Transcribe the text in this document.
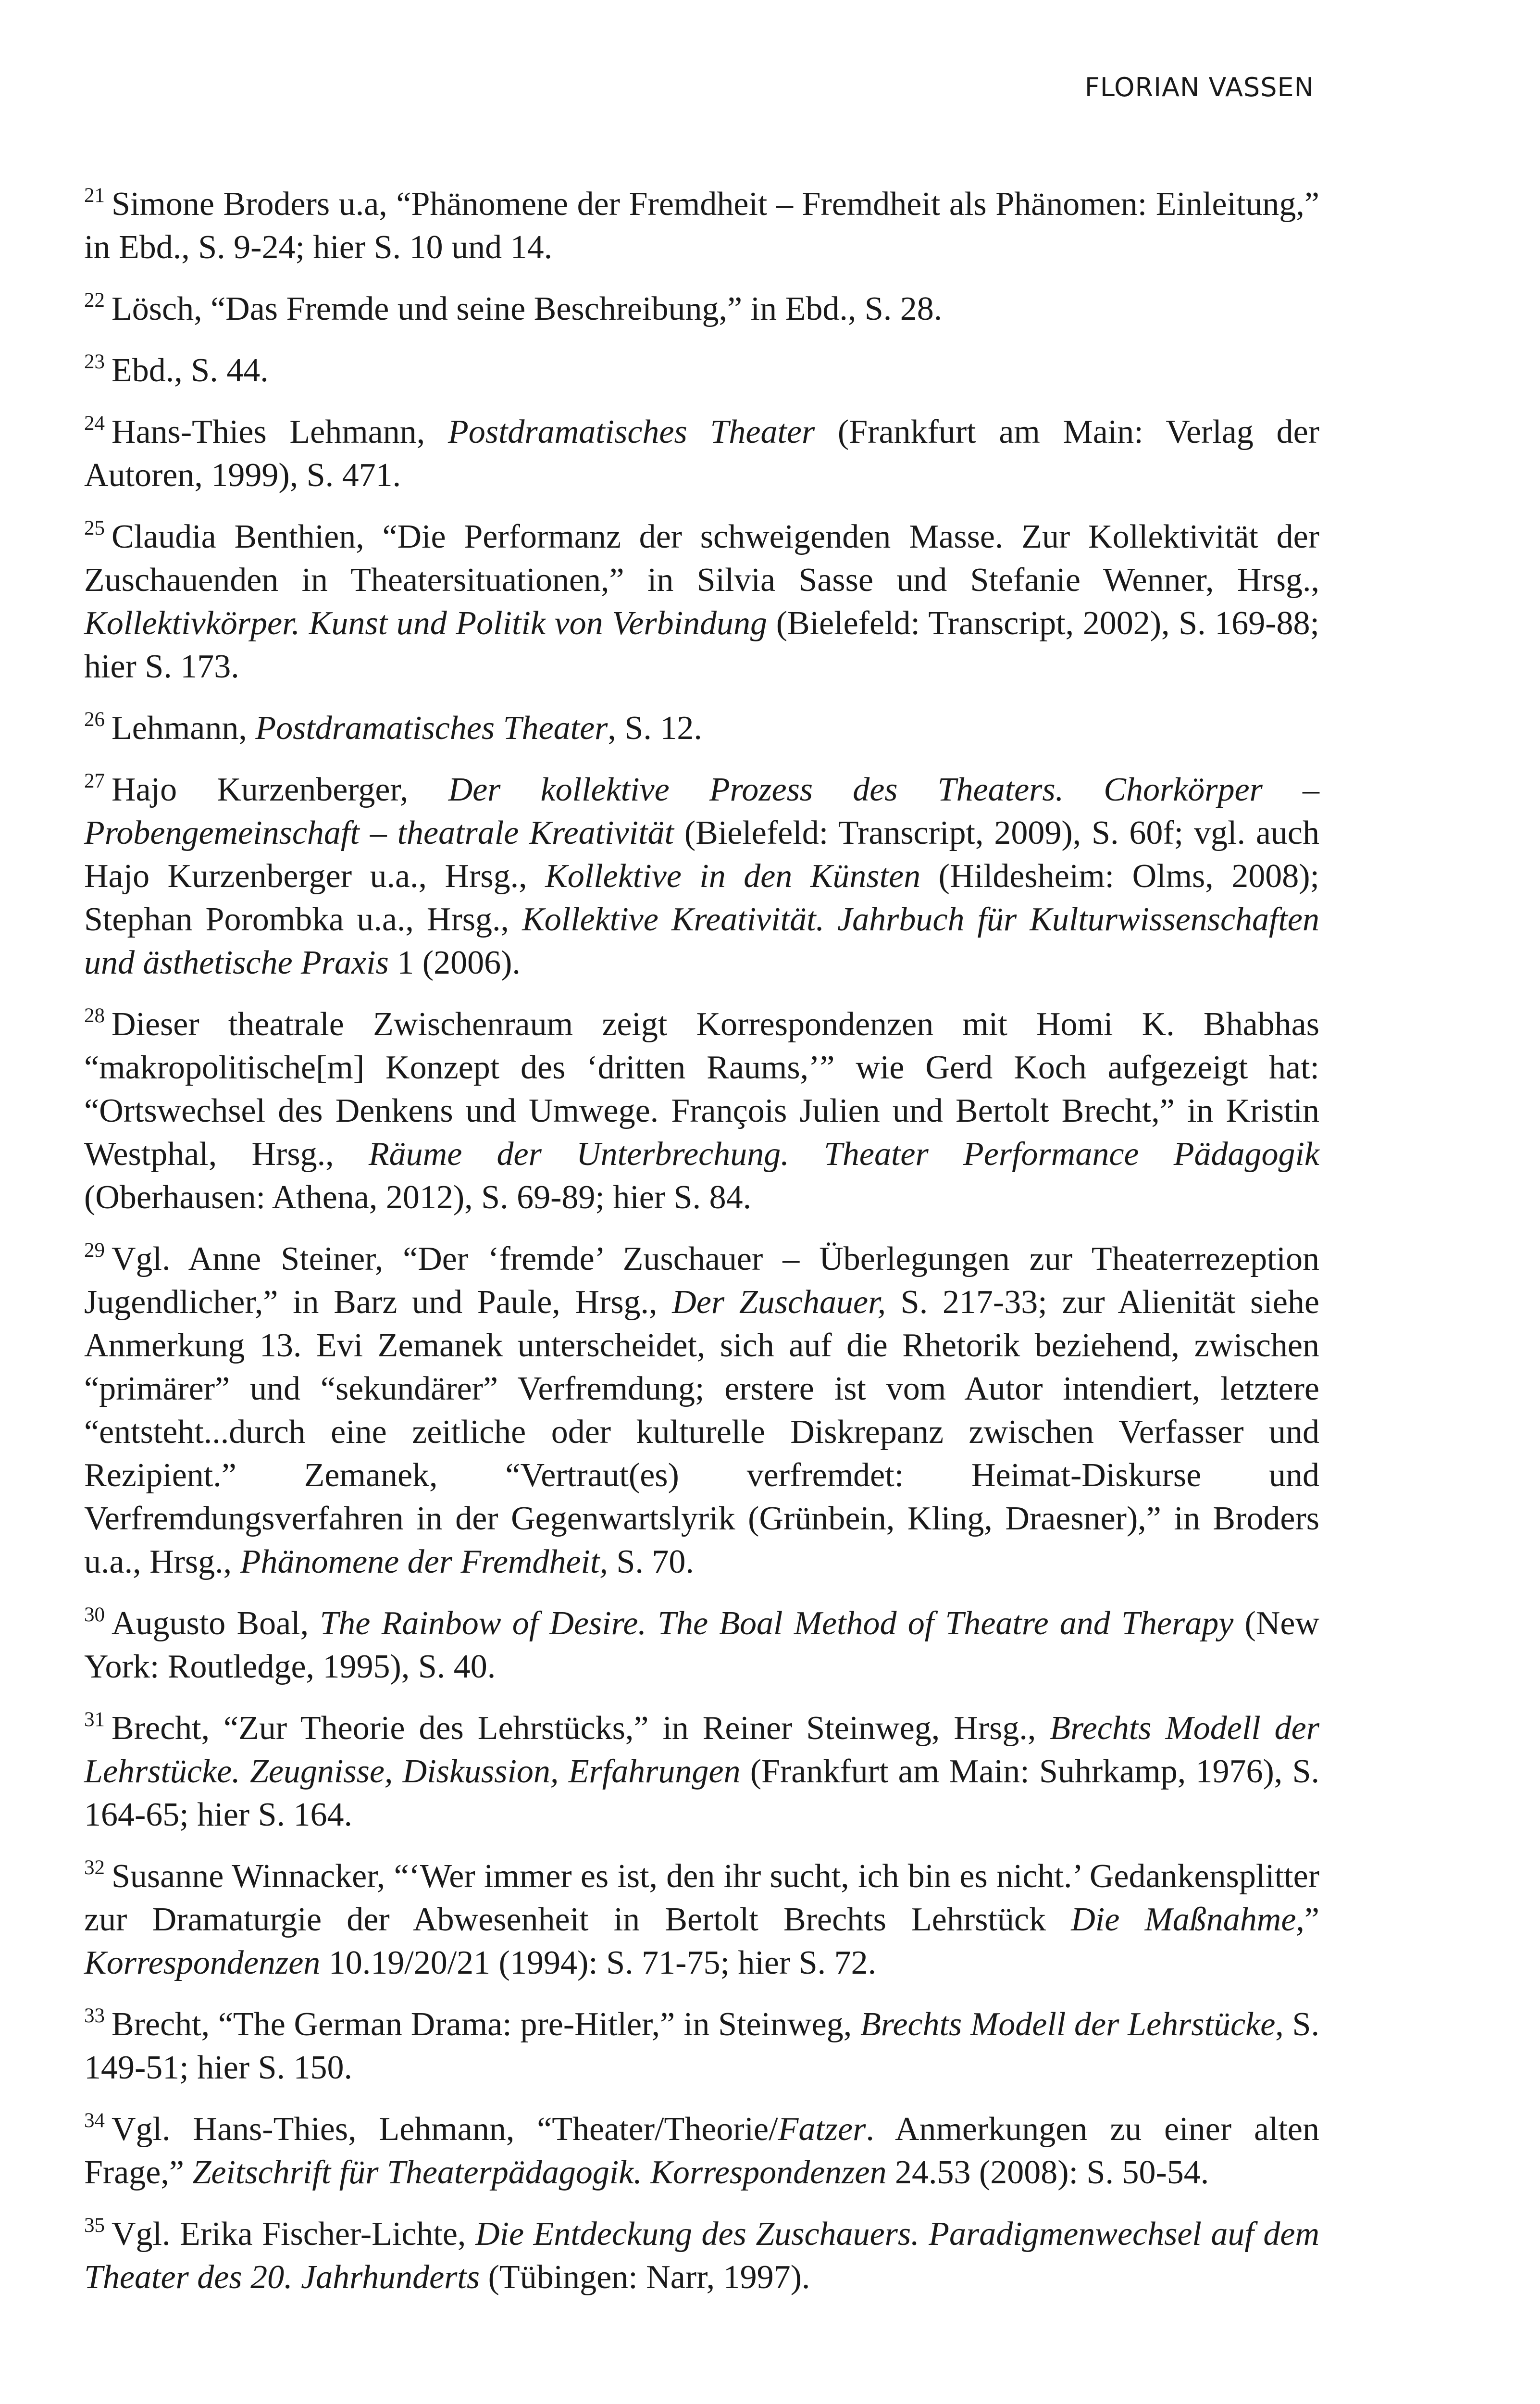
FLORIAN VASSEN

$^{21}$ Simone Broders u.a, “Phänomene der Fremdheit – Fremdheit als Phänomen: Einleitung,” in Ebd., S. 9-24; hier S. 10 und 14.

$^{22}$ Lösch, “Das Fremde und seine Beschreibung,” in Ebd., S. 28.

$^{23}$ Ebd., S. 44.

$^{24}$ Hans-Thies Lehmann, Postdramatisches Theater (Frankfurt am Main: Verlag der Autoren, 1999), S. 471.

$^{25}$ Claudia Benthien, “Die Performanz der schweigenden Masse. Zur Kollektivität der Zuschauenden in Theatersituationen,” in Silvia Sasse und Stefanie Wenner, Hrsg., Kollektivkörper. Kunst und Politik von Verbindung (Bielefeld: Transcript, 2002), S. 169-88; hier S. 173.

$^{26}$ Lehmann, Postdramatisches Theater, S. 12.

$^{27}$ Hajo Kurzenberger, Der kollektive Prozess des Theaters. Chorkörper – Probengemeinschaft – theatrale Kreativität (Bielefeld: Transcript, 2009), S. 60f; vgl. auch Hajo Kurzenberger u.a., Hrsg., Kollektive in den Künsten (Hildesheim: Olms, 2008); Stephan Porombka u.a., Hrsg., Kollektive Kreativität. Jahrbuch für Kulturwissenschaften und ästhetische Praxis 1 (2006).

$^{28}$ Dieser theatrale Zwischenraum zeigt Korrespondenzen mit Homi K. Bhabhas “makropolitische[m] Konzept des ‘dritten Raums,’” wie Gerd Koch aufgezeigt hat: “Ortswechsel des Denkens und Umwege. François Julien und Bertolt Brecht,” in Kristin Westphal, Hrsg., Räume der Unterbrechung. Theater Performance Pädagogik (Oberhausen: Athena, 2012), S. 69-89; hier S. 84.

$^{29}$ Vgl. Anne Steiner, “Der ‘fremde’ Zuschauer – Überlegungen zur Theaterrezeption Jugendlicher,” in Barz und Paule, Hrsg., Der Zuschauer, S. 217-33; zur Alienität siehe Anmerkung 13. Evi Zemanek unterscheidet, sich auf die Rhetorik beziehend, zwischen “primärer” und “sekundärer” Verfremdung; erstere ist vom Autor intendiert, letztere “entsteht...durch eine zeitliche oder kulturelle Diskrepanz zwischen Verfasser und Rezipient.” Zemanek, “Vertraut(es) verfremdet: Heimat-Diskurse und Verfremdungsverfahren in der Gegenwartslyrik (Grünbein, Kling, Draesner),” in Broders u.a., Hrsg., Phänomene der Fremdheit, S. 70.

$^{30}$ Augusto Boal, The Rainbow of Desire. The Boal Method of Theatre and Therapy (New York: Routledge, 1995), S. 40.

$^{31}$ Brecht, “Zur Theorie des Lehrstücks,” in Reiner Steinweg, Hrsg., Brechts Modell der Lehrstücke. Zeugnisse, Diskussion, Erfahrungen (Frankfurt am Main: Suhrkamp, 1976), S. 164-65; hier S. 164.

$^{32}$ Susanne Winnacker, “‘Wer immer es ist, den ihr sucht, ich bin es nicht.’ Gedankensplitter zur Dramaturgie der Abwesenheit in Bertolt Brechts Lehrstück Die Maßnahme,” Korrespondenzen 10.19/20/21 (1994): S. 71-75; hier S. 72.

$^{33}$ Brecht, “The German Drama: pre-Hitler,” in Steinweg, Brechts Modell der Lehrstücke, S. 149-51; hier S. 150.

$^{34}$ Vgl. Hans-Thies, Lehmann, “Theater/Theorie/Fatzer. Anmerkungen zu einer alten Frage,” Zeitschrift für Theaterpädagogik. Korrespondenzen 24.53 (2008): S. 50-54.

$^{35}$ Vgl. Erika Fischer-Lichte, Die Entdeckung des Zuschauers. Paradigmenwechsel auf dem Theater des 20. Jahrhunderts (Tübingen: Narr, 1997).
